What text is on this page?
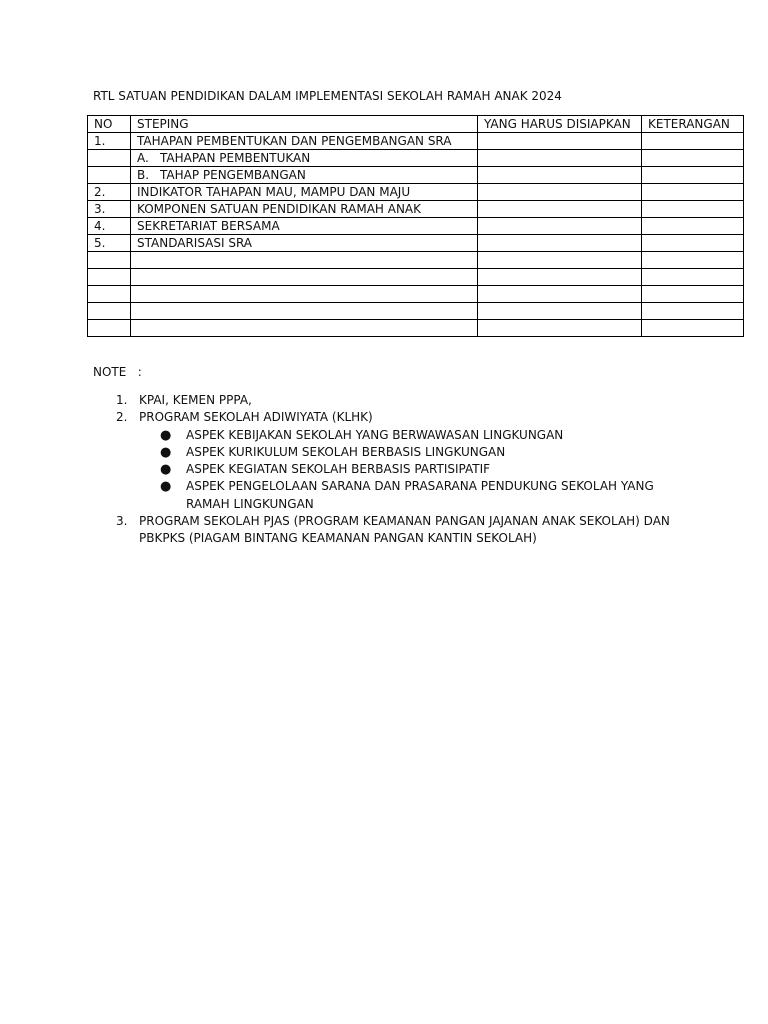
RTL SATUAN PENDIDIKAN DALAM IMPLEMENTASI SEKOLAH RAMAH ANAK 2024
NO	STEPING	YANG HARUS DISIAPKAN	KETERANGAN
1.	TAHAPAN PEMBENTUKAN DAN PENGEMBANGAN SRA		
	A. TAHAPAN PEMBENTUKAN		
	B. TAHAP PENGEMBANGAN		
2.	INDIKATOR TAHAPAN MAU, MAMPU DAN MAJU		
3.	KOMPONEN SATUAN PENDIDIKAN RAMAH ANAK		
4.	SEKRETARIAT BERSAMA		
5.	STANDARISASI SRA		

NOTE   :
1. KPAI, KEMEN PPPA,
2. PROGRAM SEKOLAH ADIWIYATA (KLHK)
● ASPEK KEBIJAKAN SEKOLAH YANG BERWAWASAN LINGKUNGAN
● ASPEK KURIKULUM SEKOLAH BERBASIS LINGKUNGAN
● ASPEK KEGIATAN SEKOLAH BERBASIS PARTISIPATIF
● ASPEK PENGELOLAAN SARANA DAN PRASARANA PENDUKUNG SEKOLAH YANG RAMAH LINGKUNGAN
3. PROGRAM SEKOLAH PJAS (PROGRAM KEAMANAN PANGAN JAJANAN ANAK SEKOLAH) DAN PBKPKS (PIAGAM BINTANG KEAMANAN PANGAN KANTIN SEKOLAH)
